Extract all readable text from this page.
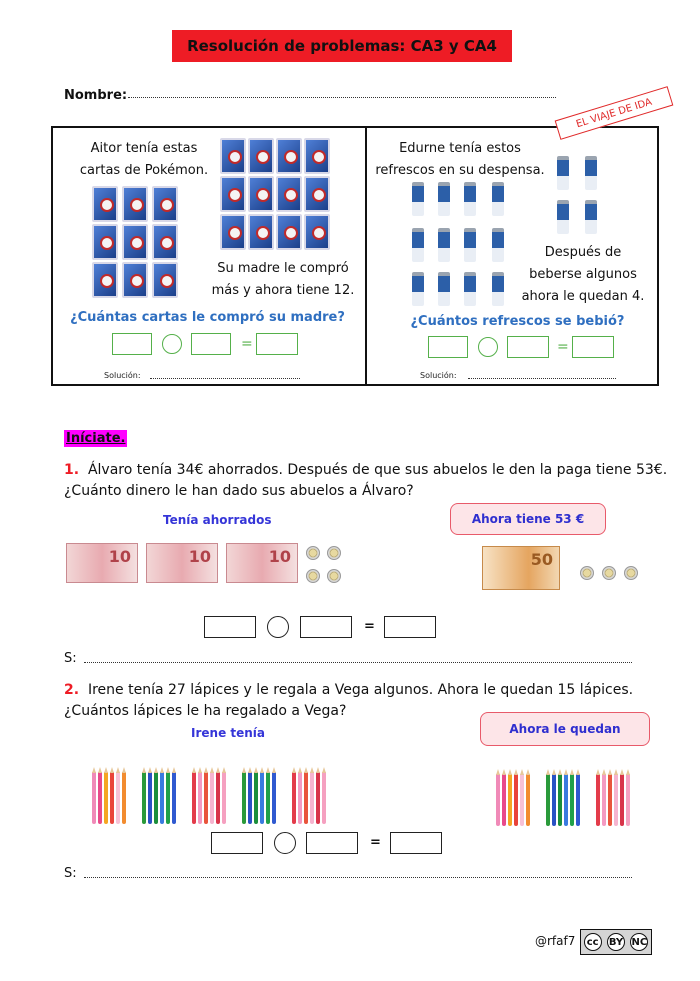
Resolución de problemas: CA3 y CA4
Nombre:
EL VIAJE DE IDA
Aitor tenía estas
cartas de Pokémon.
Su madre le compró
más y ahora tiene 12.
¿Cuántas cartas le compró su madre?
=
Solución:
Edurne tenía estos
refrescos en su despensa.
Después de
beberse algunos
ahora le quedan 4.
¿Cuántos refrescos se bebió?
=
Solución:
Iníciate.
1. Álvaro tenía 34€ ahorrados. Después de que sus abuelos le den la paga tiene 53€.
¿Cuánto dinero le han dado sus abuelos a Álvaro?
Tenía ahorrados	Ahora tiene 53 €
10	10	10	50
=
S:
2. Irene tenía 27 lápices y le regala a Vega algunos. Ahora le quedan 15 lápices.
¿Cuántos lápices le ha regalado a Vega?
Irene tenía	Ahora le quedan
=
S:
@rfaf7	cc	BY NC
